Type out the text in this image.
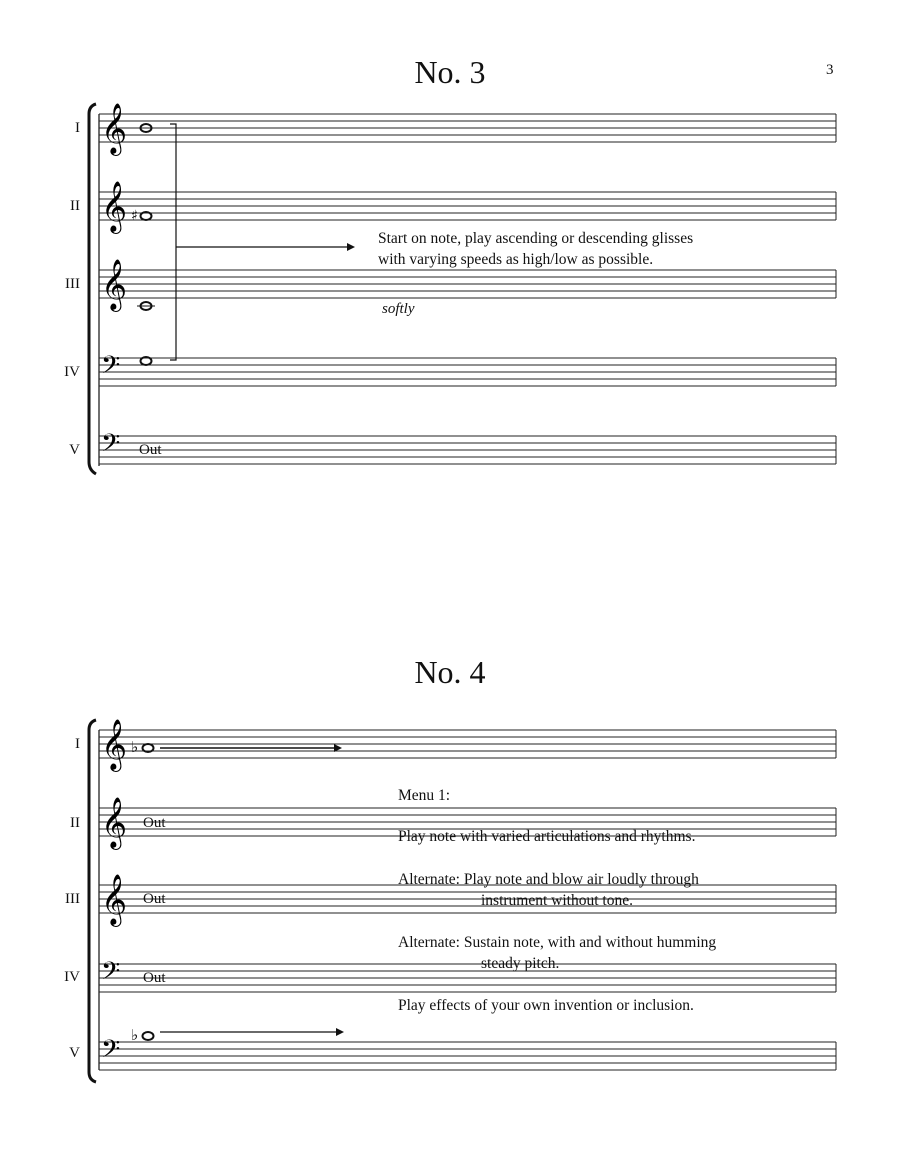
3
No. 3
I
II
III
IV
V
𝄞
𝄞
𝄞
𝄢
𝄢
♯
Out
Start on note, play ascending or descending glisses
with varying speeds as high/low as possible.
softly
No. 4
I
II
III
IV
V
𝄞
𝄞
𝄞
𝄢
𝄢
♭
♭
Out
Out
Out
Menu 1:
Play note with varied articulations and rhythms.
Alternate: Play note and blow air loudly through
instrument without tone.
Alternate: Sustain note, with and without humming
steady pitch.
Play effects of your own invention or inclusion.
